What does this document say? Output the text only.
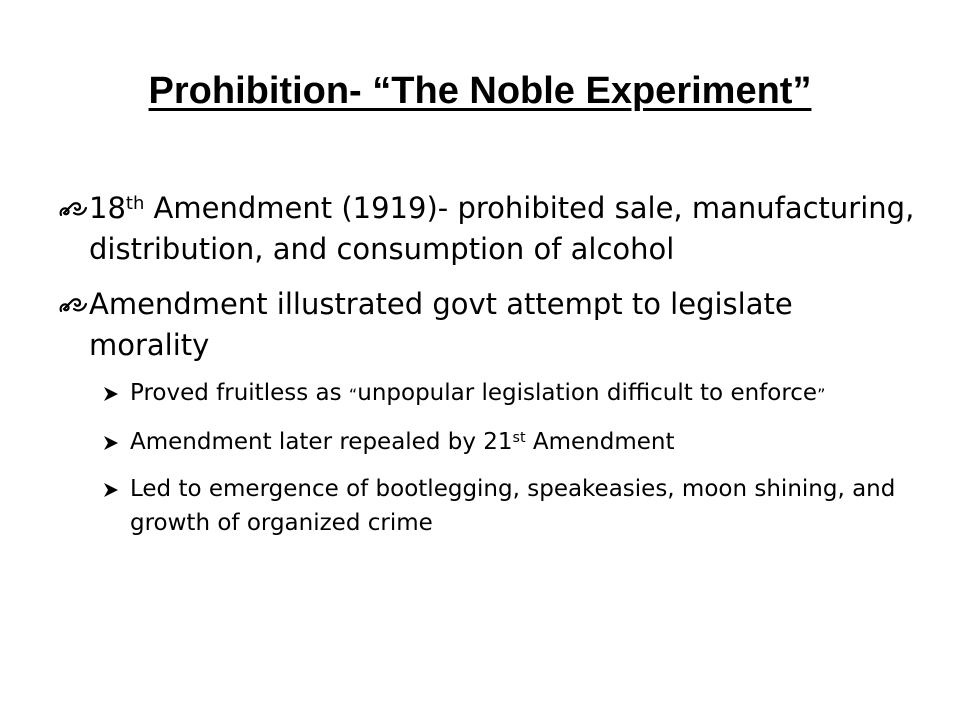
Prohibition- “The Noble Experiment”
18th Amendment (1919)- prohibited sale, manufacturing, distribution, and consumption of alcohol
Amendment illustrated govt attempt to legislate morality
Proved fruitless as “unpopular legislation difficult to enforce”
Amendment later repealed by 21st Amendment
Led to emergence of bootlegging, speakeasies, moon shining, and growth of organized crime
